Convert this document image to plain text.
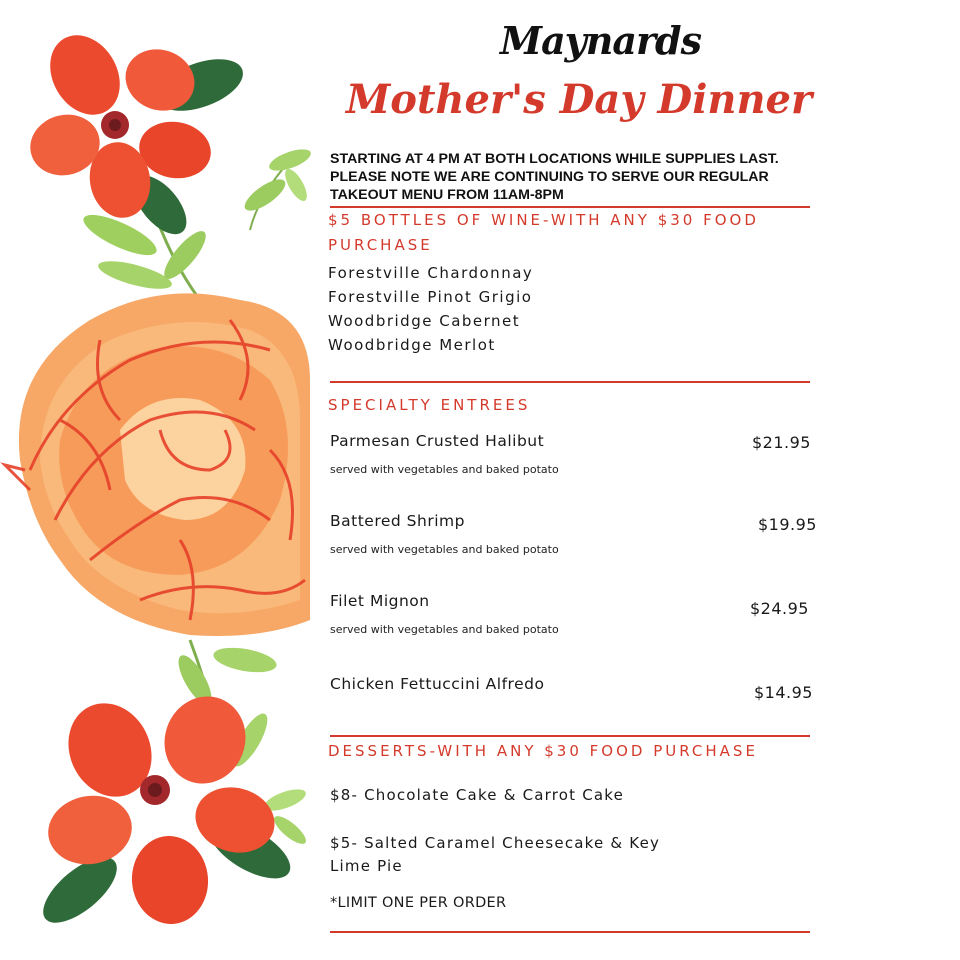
Maynards
Mother's Day Dinner
STARTING AT 4 PM AT BOTH LOCATIONS WHILE SUPPLIES LAST. PLEASE NOTE WE ARE CONTINUING TO SERVE OUR REGULAR TAKEOUT MENU FROM 11AM-8PM
$5 BOTTLES OF WINE-WITH ANY $30 FOOD PURCHASE
Forestville Chardonnay
Forestville Pinot Grigio
Woodbridge Cabernet
Woodbridge Merlot
SPECIALTY ENTREES
Parmesan Crusted Halibut	$21.95
served with vegetables and baked potato
Battered Shrimp	$19.95
served with vegetables and baked potato
Filet Mignon	$24.95
served with vegetables and baked potato
Chicken Fettuccini Alfredo	$14.95
DESSERTS-WITH ANY $30 FOOD PURCHASE
$8- Chocolate Cake & Carrot Cake
$5- Salted Caramel Cheesecake & Key Lime Pie
*LIMIT ONE PER ORDER
